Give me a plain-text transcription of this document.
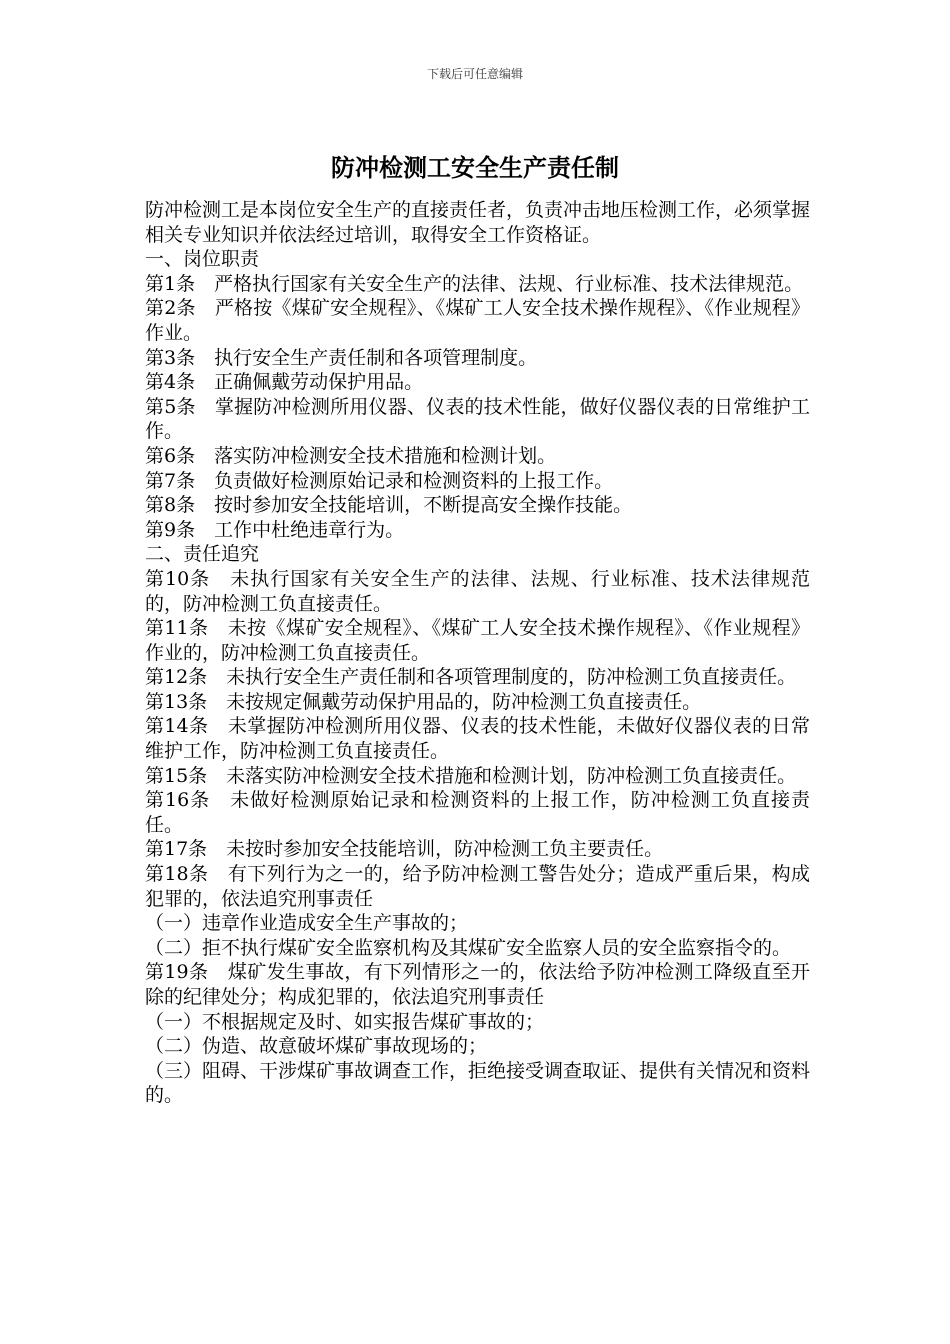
下载后可任意编辑
防冲检测工安全生产责任制

防冲检测工是本岗位安全生产的直接责任者，负责冲击地压检测工作，必须掌握相关专业知识并依法经过培训，取得安全工作资格证。

一、岗位职责

第1条　严格执行国家有关安全生产的法律、法规、行业标准、技术法律规范。

第2条　严格按《煤矿安全规程》、《煤矿工人安全技术操作规程》、《作业规程》作业。

第3条　执行安全生产责任制和各项管理制度。

第4条　正确佩戴劳动保护用品。

第5条　掌握防冲检测所用仪器、仪表的技术性能，做好仪器仪表的日常维护工作。

第6条　落实防冲检测安全技术措施和检测计划。

第7条　负责做好检测原始记录和检测资料的上报工作。

第8条　按时参加安全技能培训，不断提高安全操作技能。

第9条　工作中杜绝违章行为。

二、责任追究

第10条　未执行国家有关安全生产的法律、法规、行业标准、技术法律规范的，防冲检测工负直接责任。

第11条　未按《煤矿安全规程》、《煤矿工人安全技术操作规程》、《作业规程》作业的，防冲检测工负直接责任。

第12条　未执行安全生产责任制和各项管理制度的，防冲检测工负直接责任。

第13条　未按规定佩戴劳动保护用品的，防冲检测工负直接责任。

第14条　未掌握防冲检测所用仪器、仪表的技术性能，未做好仪器仪表的日常维护工作，防冲检测工负直接责任。

第15条　未落实防冲检测安全技术措施和检测计划，防冲检测工负直接责任。

第16条　未做好检测原始记录和检测资料的上报工作，防冲检测工负直接责任。

第17条　未按时参加安全技能培训，防冲检测工负主要责任。

第18条　有下列行为之一的，给予防冲检测工警告处分；造成严重后果，构成犯罪的，依法追究刑事责任

（一）违章作业造成安全生产事故的；

（二）拒不执行煤矿安全监察机构及其煤矿安全监察人员的安全监察指令的。

第19条　煤矿发生事故，有下列情形之一的，依法给予防冲检测工降级直至开除的纪律处分；构成犯罪的，依法追究刑事责任

（一）不根据规定及时、如实报告煤矿事故的；

（二）伪造、故意破坏煤矿事故现场的；

（三）阻碍、干涉煤矿事故调查工作，拒绝接受调查取证、提供有关情况和资料的。
